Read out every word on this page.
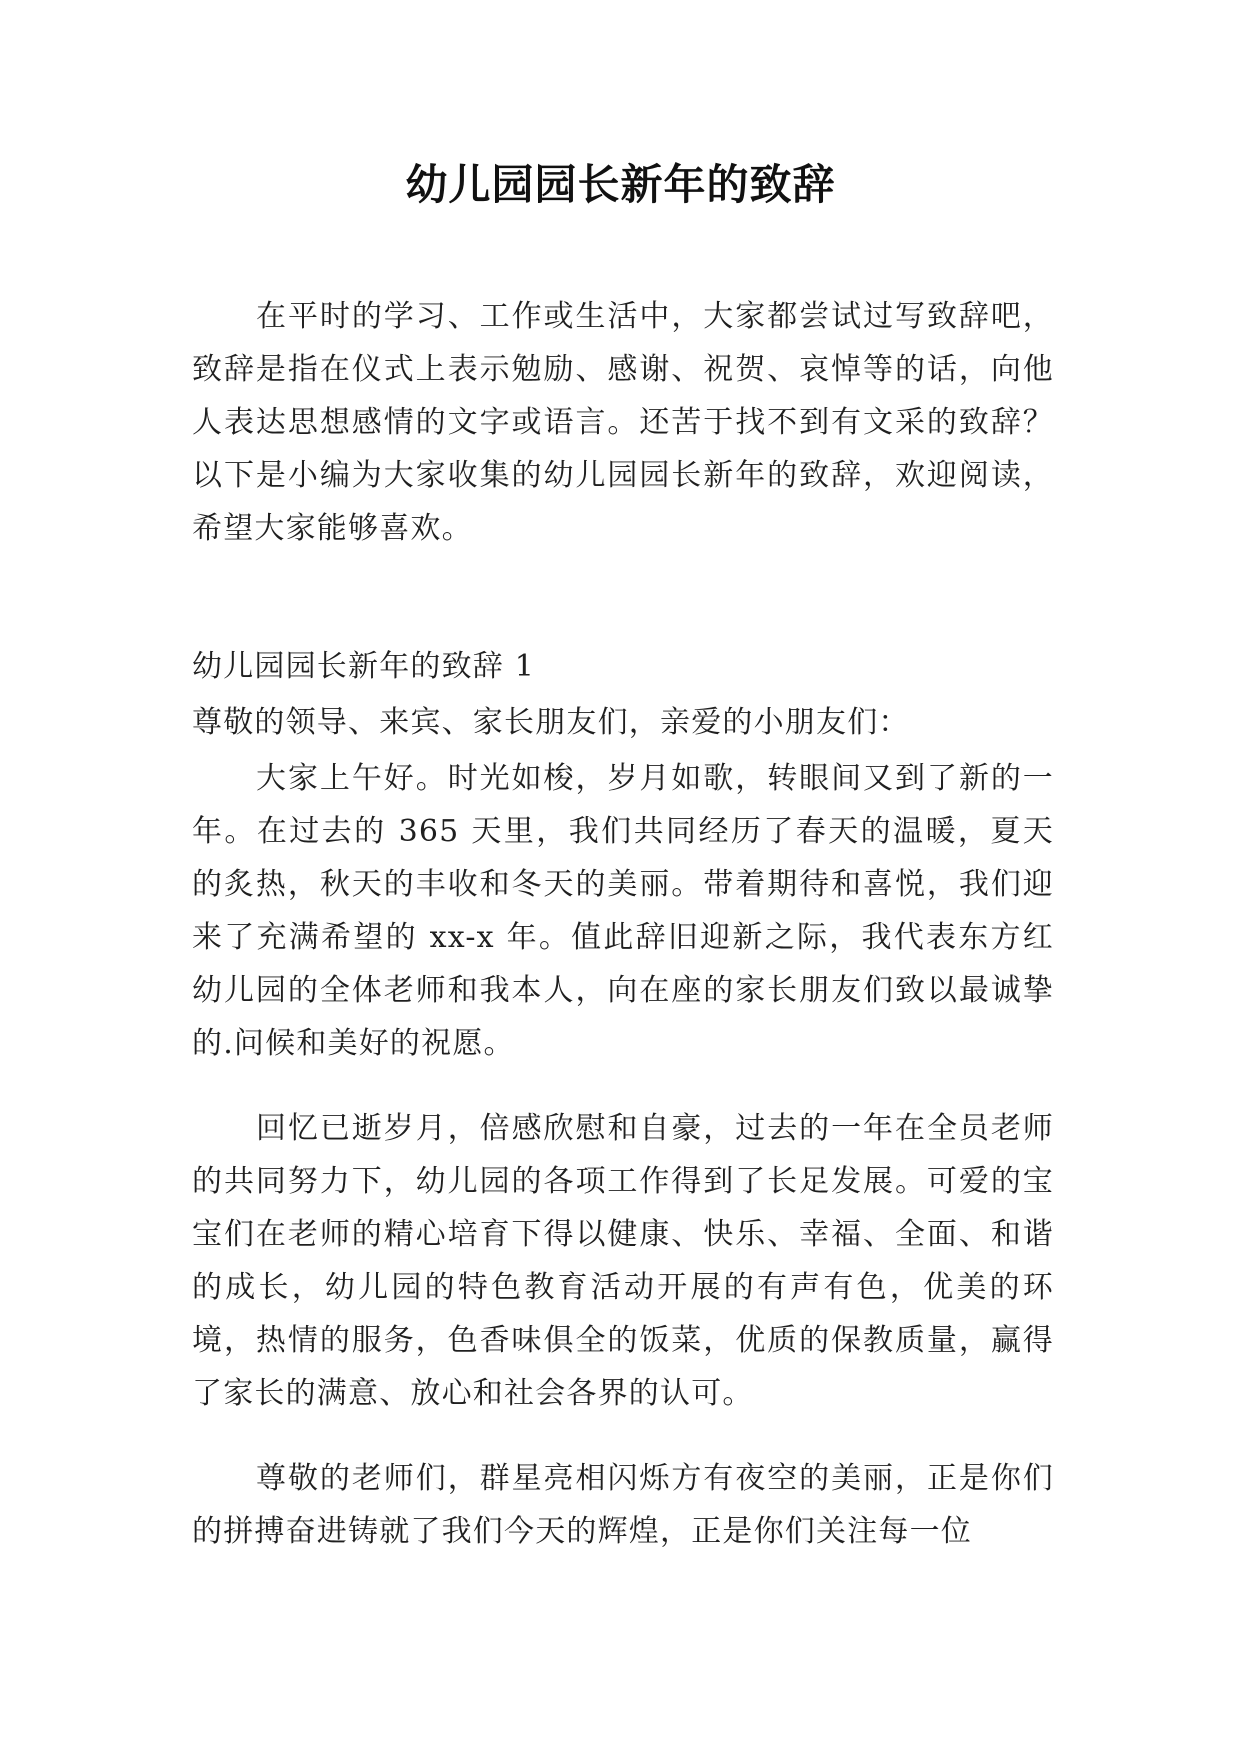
幼儿园园长新年的致辞

在平时的学习、工作或生活中，大家都尝试过写致辞吧，致辞是指在仪式上表示勉励、感谢、祝贺、哀悼等的话，向他人表达思想感情的文字或语言。还苦于找不到有文采的致辞？以下是小编为大家收集的幼儿园园长新年的致辞，欢迎阅读，希望大家能够喜欢。

幼儿园园长新年的致辞 1

尊敬的领导、来宾、家长朋友们，亲爱的小朋友们：

大家上午好。时光如梭，岁月如歌，转眼间又到了新的一年。在过去的 365 天里，我们共同经历了春天的温暖，夏天的炙热，秋天的丰收和冬天的美丽。带着期待和喜悦，我们迎来了充满希望的 xx-x 年。值此辞旧迎新之际，我代表东方红幼儿园的全体老师和我本人，向在座的家长朋友们致以最诚挚的.问候和美好的祝愿。

回忆已逝岁月，倍感欣慰和自豪，过去的一年在全员老师的共同努力下，幼儿园的各项工作得到了长足发展。可爱的宝宝们在老师的精心培育下得以健康、快乐、幸福、全面、和谐的成长，幼儿园的特色教育活动开展的有声有色，优美的环境，热情的服务，色香味俱全的饭菜，优质的保教质量，赢得了家长的满意、放心和社会各界的认可。

尊敬的老师们，群星亮相闪烁方有夜空的美丽，正是你们的拼搏奋进铸就了我们今天的辉煌，正是你们关注每一位
